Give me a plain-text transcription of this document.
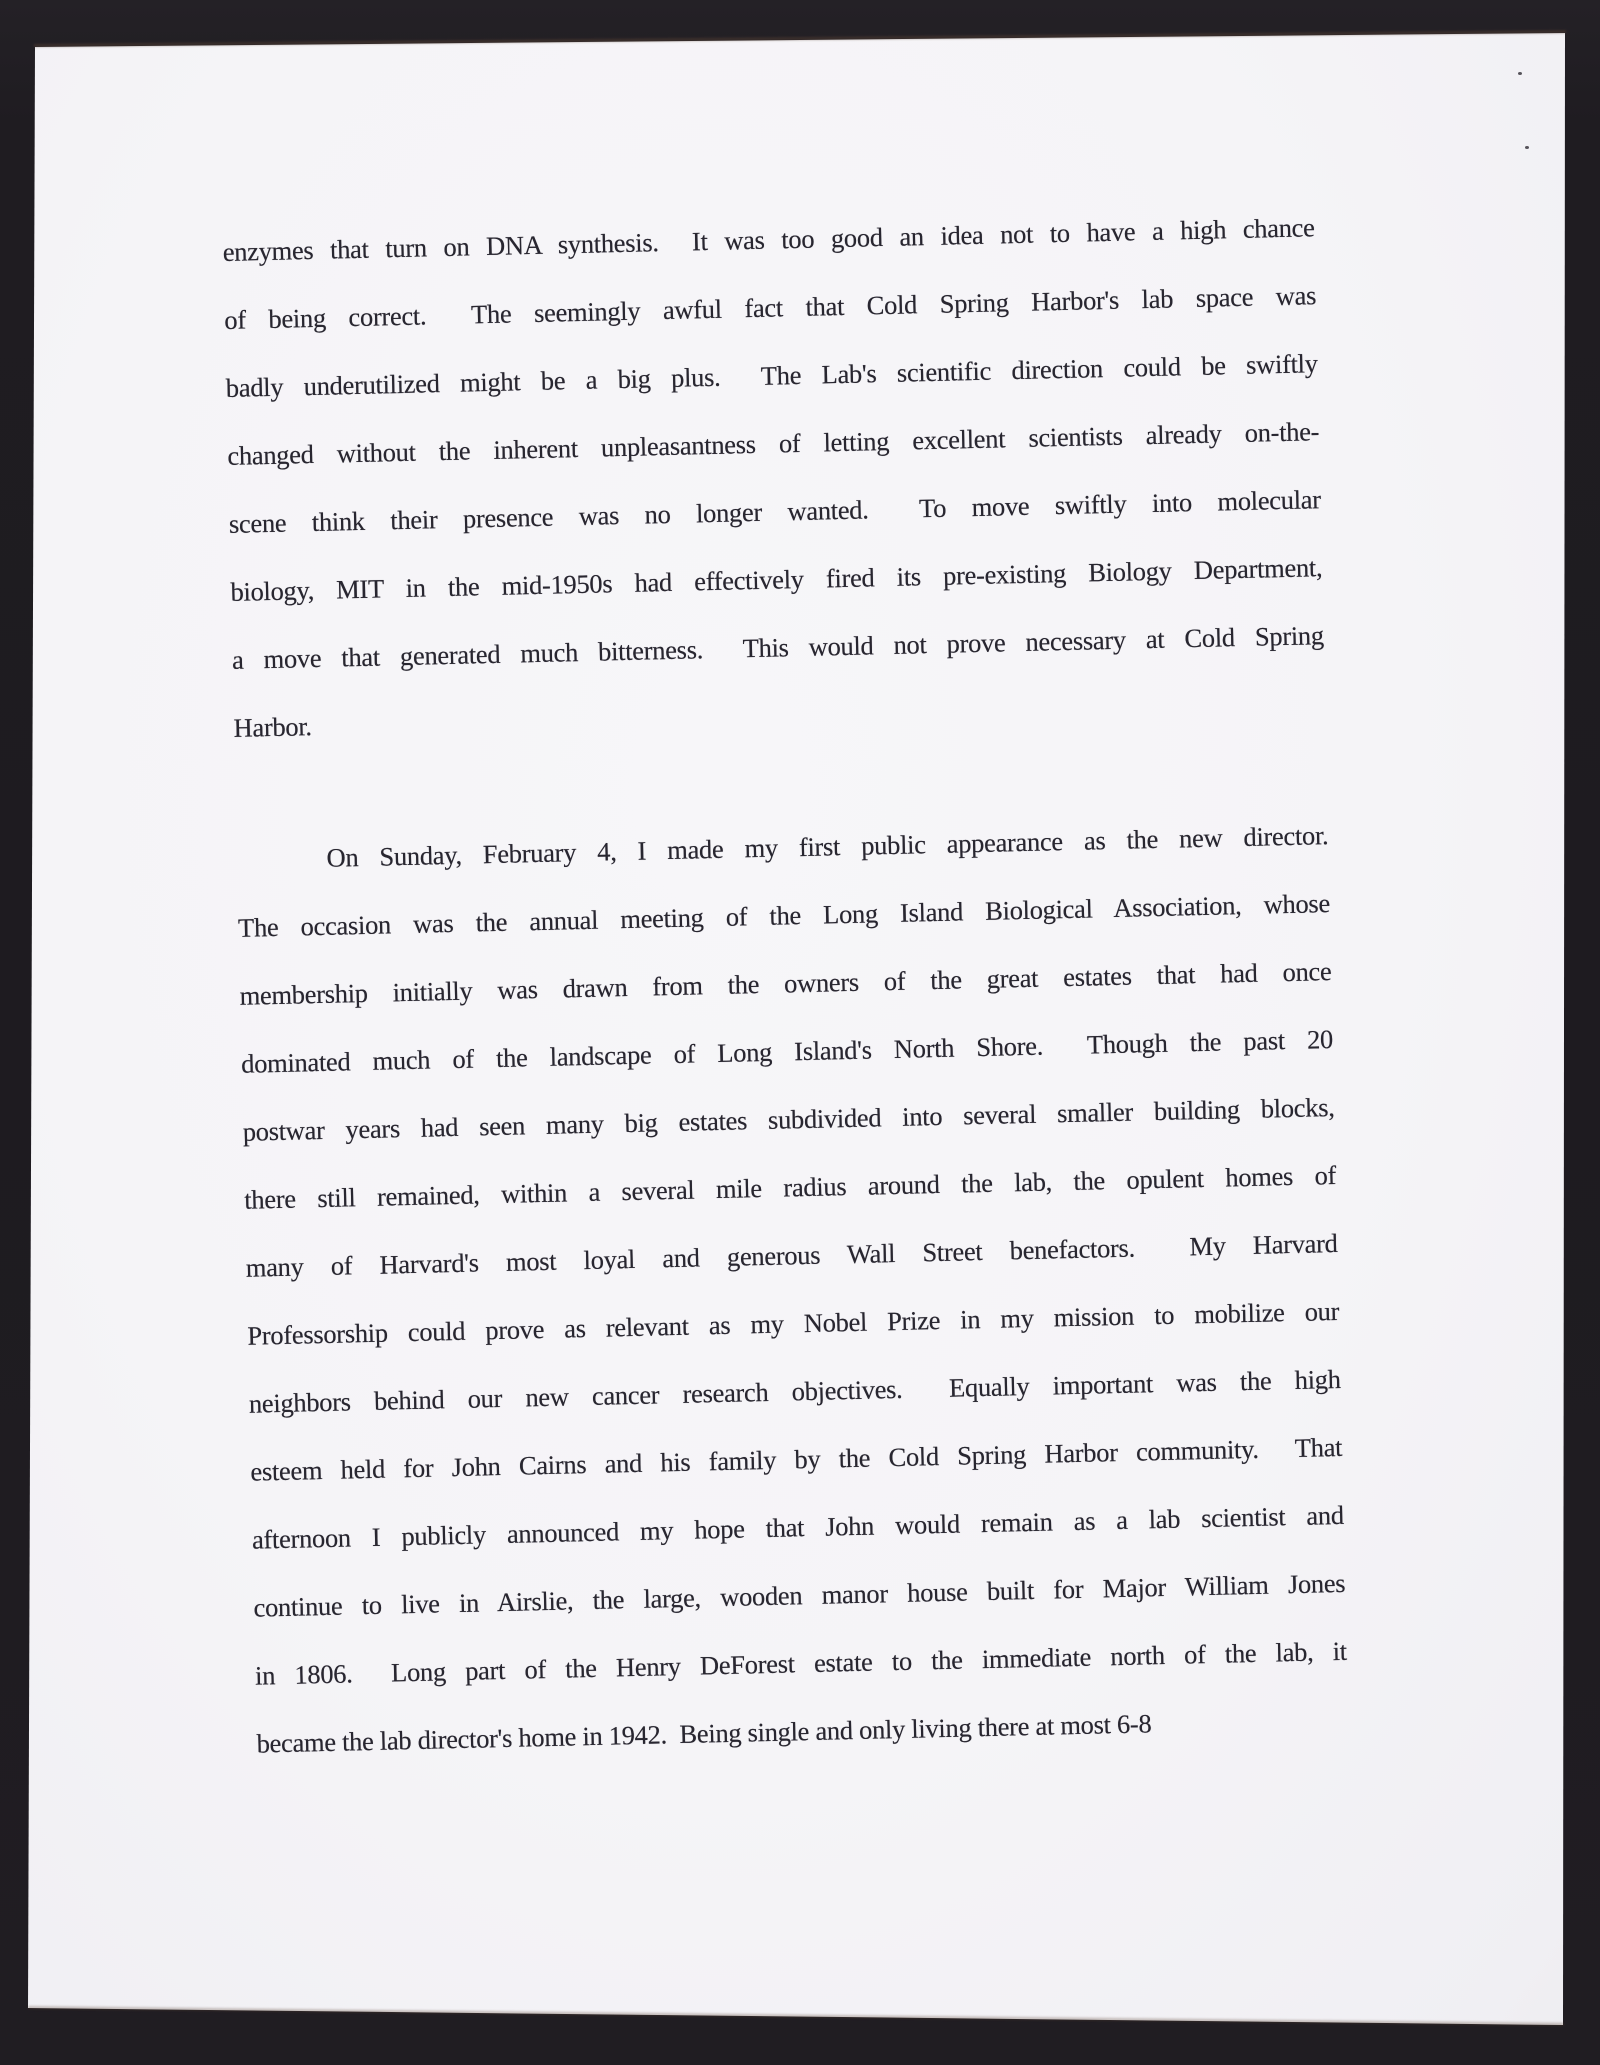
enzymes that turn on DNA synthesis.  It was too good an idea not to have a high chance
of being correct.  The seemingly awful fact that Cold Spring Harbor's lab space was
badly underutilized might be a big plus.  The Lab's scientific direction could be swiftly
changed without the inherent unpleasantness of letting excellent scientists already on-the-
scene think their presence was no longer wanted.  To move swiftly into molecular
biology, MIT in the mid-1950s had effectively fired its pre-existing Biology Department,
a move that generated much bitterness.  This would not prove necessary at Cold Spring
Harbor.
On Sunday, February 4, I made my first public appearance as the new director.
The occasion was the annual meeting of the Long Island Biological Association, whose
membership initially was drawn from the owners of the great estates that had once
dominated much of the landscape of Long Island's North Shore.  Though the past 20
postwar years had seen many big estates subdivided into several smaller building blocks,
there still remained, within a several mile radius around the lab, the opulent homes of
many of Harvard's most loyal and generous Wall Street benefactors.  My Harvard
Professorship could prove as relevant as my Nobel Prize in my mission to mobilize our
neighbors behind our new cancer research objectives.  Equally important was the high
esteem held for John Cairns and his family by the Cold Spring Harbor community.  That
afternoon I publicly announced my hope that John would remain as a lab scientist and
continue to live in Airslie, the large, wooden manor house built for Major William Jones
in 1806.  Long part of the Henry DeForest estate to the immediate north of the lab, it
became the lab director's home in 1942.  Being single and only living there at most 6-8
